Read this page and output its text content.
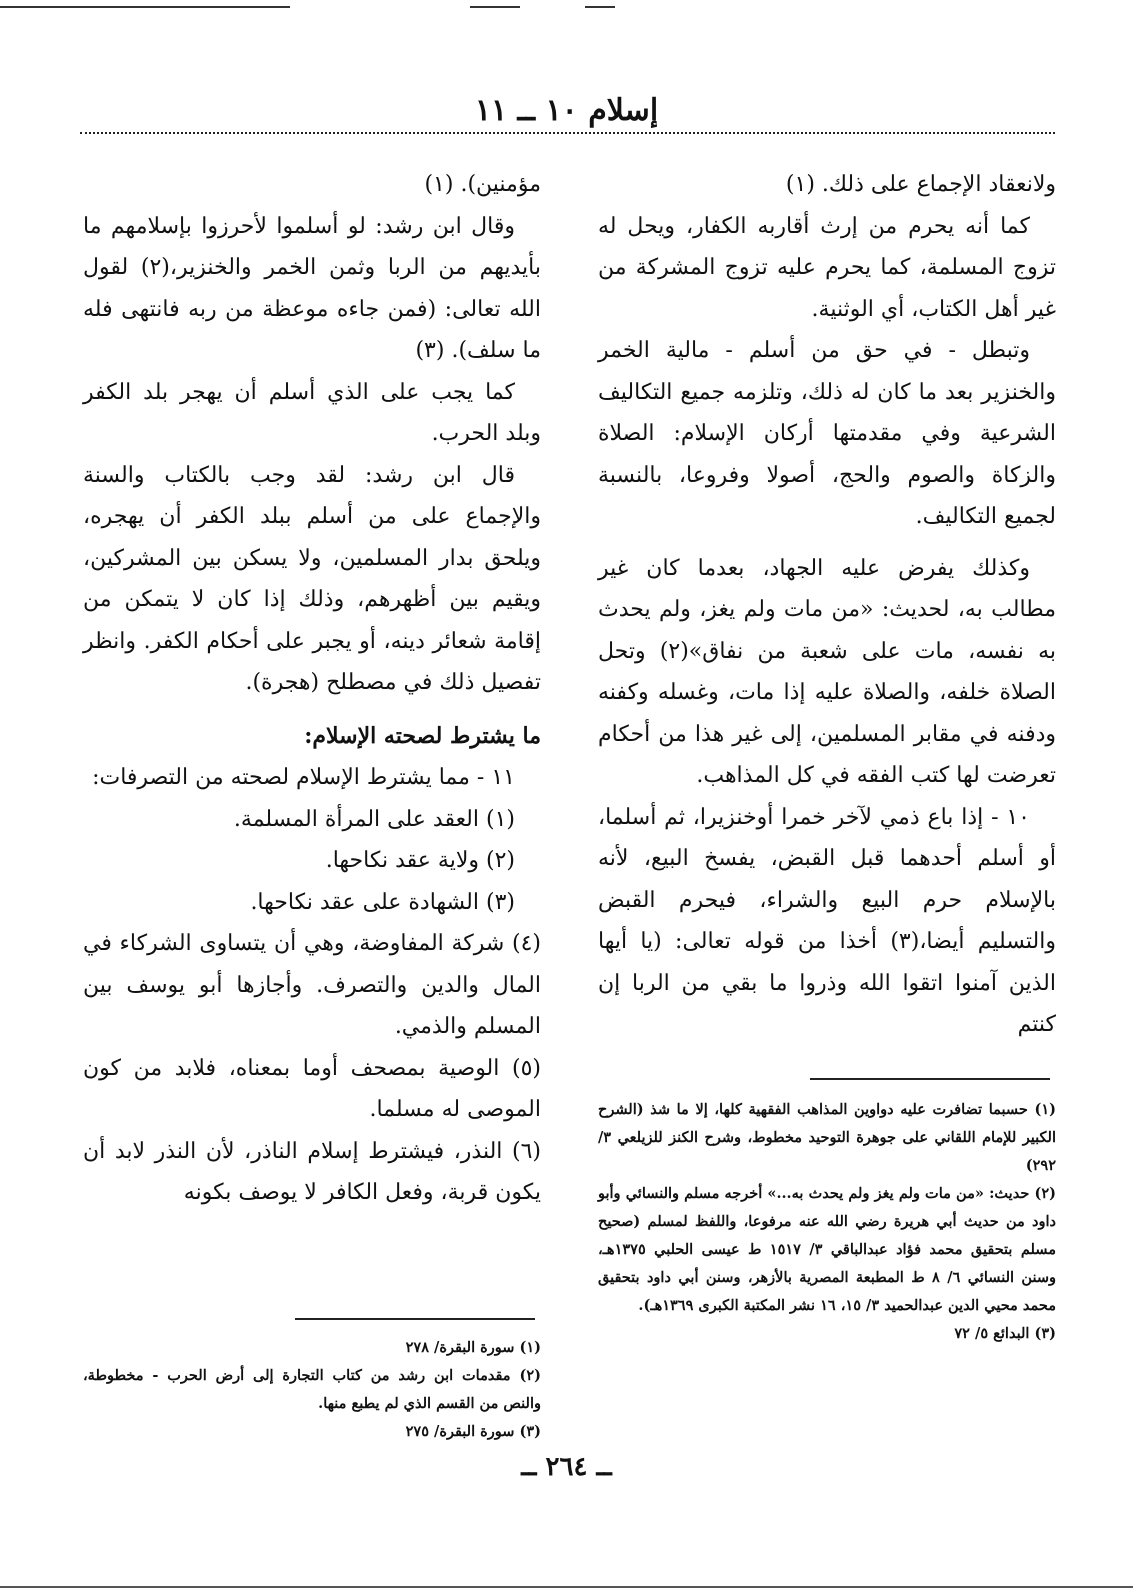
إسلام ١٠ ــ ١١

ولانعقاد الإجماع على ذلك. (١)

كما أنه يحرم من إرث أقاربه الكفار، ويحل له تزوج المسلمة، كما يحرم عليه تزوج المشركة من غير أهل الكتاب، أي الوثنية.

وتبطل - في حق من أسلم - مالية الخمر والخنزير بعد ما كان له ذلك، وتلزمه جميع التكاليف الشرعية وفي مقدمتها أركان الإسلام: الصلاة والزكاة والصوم والحج، أصولا وفروعا، بالنسبة لجميع التكاليف.

وكذلك يفرض عليه الجهاد، بعدما كان غير مطالب به، لحديث: «من مات ولم يغز، ولم يحدث به نفسه، مات على شعبة من نفاق»(٢) وتحل الصلاة خلفه، والصلاة عليه إذا مات، وغسله وكفنه ودفنه في مقابر المسلمين، إلى غير هذا من أحكام تعرضت لها كتب الفقه في كل المذاهب.

١٠ - إذا باع ذمي لآخر خمرا أوخنزيرا، ثم أسلما، أو أسلم أحدهما قبل القبض، يفسخ البيع، لأنه بالإسلام حرم البيع والشراء، فيحرم القبض والتسليم أيضا،(٣) أخذا من قوله تعالى: (يا أيها الذين آمنوا اتقوا الله وذروا ما بقي من الربا إن كنتم

مؤمنين). (١)

وقال ابن رشد: لو أسلموا لأحرزوا بإسلامهم ما بأيديهم من الربا وثمن الخمر والخنزير،(٢) لقول الله تعالى: (فمن جاءه موعظة من ربه فانتهى فله ما سلف). (٣)

كما يجب على الذي أسلم أن يهجر بلد الكفر وبلد الحرب.

قال ابن رشد: لقد وجب بالكتاب والسنة والإجماع على من أسلم ببلد الكفر أن يهجره، ويلحق بدار المسلمين، ولا يسكن بين المشركين، ويقيم بين أظهرهم، وذلك إذا كان لا يتمكن من إقامة شعائر دينه، أو يجبر على أحكام الكفر. وانظر تفصيل ذلك في مصطلح (هجرة).

ما يشترط لصحته الإسلام:

١١ - مما يشترط الإسلام لصحته من التصرفات:

(١) العقد على المرأة المسلمة.

(٢) ولاية عقد نكاحها.

(٣) الشهادة على عقد نكاحها.

(٤) شركة المفاوضة، وهي أن يتساوى الشركاء في المال والدين والتصرف. وأجازها أبو يوسف بين المسلم والذمي.

(٥) الوصية بمصحف أوما بمعناه، فلابد من كون الموصى له مسلما.

(٦) النذر، فيشترط إسلام الناذر، لأن النذر لابد أن يكون قربة، وفعل الكافر لا يوصف بكونه

(١) حسبما تضافرت عليه دواوين المذاهب الفقهية كلها، إلا ما شذ (الشرح الكبير للإمام اللقاني على جوهرة التوحيد مخطوط، وشرح الكنز للزيلعي ٣/ ٢٩٢)

(٢) حديث: «من مات ولم يغز ولم يحدث به...» أخرجه مسلم والنسائي وأبو داود من حديث أبي هريرة رضي الله عنه مرفوعا، واللفظ لمسلم (صحيح مسلم بتحقيق محمد فؤاد عبدالباقي ٣/ ١٥١٧ ط عيسى الحلبي ١٣٧٥هـ، وسنن النسائي ٦/ ٨ ط المطبعة المصرية بالأزهر، وسنن أبي داود بتحقيق محمد محيي الدين عبدالحميد ٣/ ١٥، ١٦ نشر المكتبة الكبرى ١٣٦٩هـ).

(٣) البدائع ٥/ ٧٢

(١) سورة البقرة/ ٢٧٨

(٢) مقدمات ابن رشد من كتاب التجارة إلى أرض الحرب - مخطوطة، والنص من القسم الذي لم يطبع منها.

(٣) سورة البقرة/ ٢٧٥

ــ ٢٦٤ ــ
